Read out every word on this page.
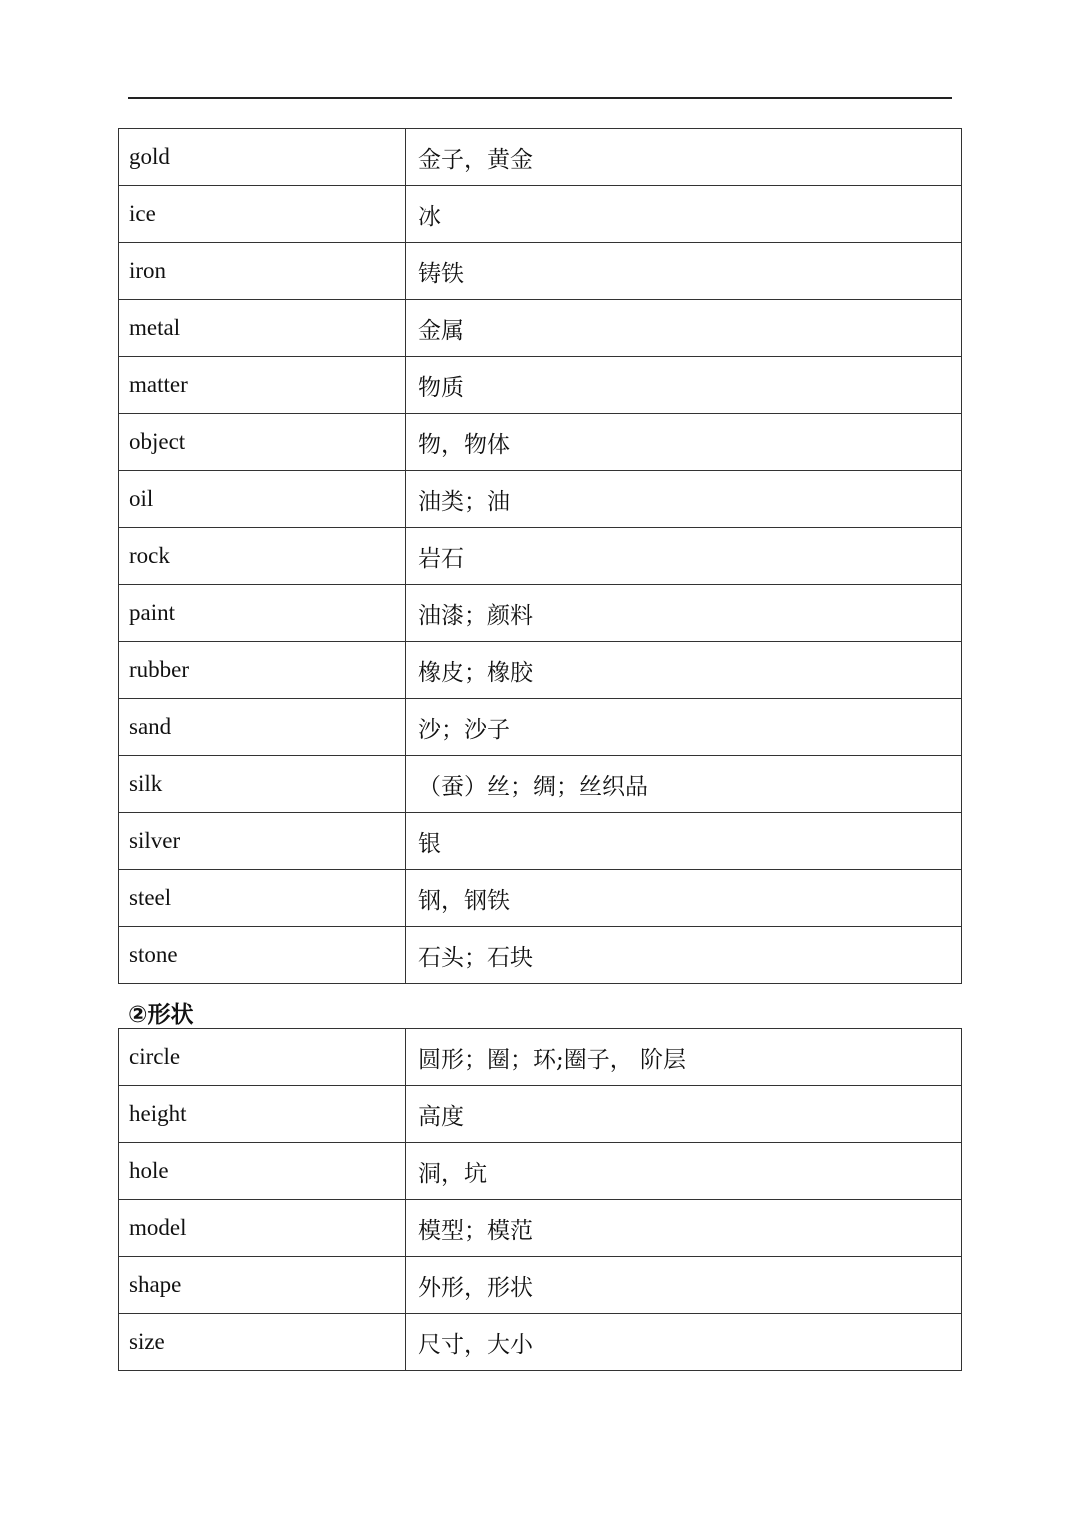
gold	金子，黄金
ice	冰
iron	铸铁
metal	金属
matter	物质
object	物，物体
oil	油类；油
rock	岩石
paint	油漆；颜料
rubber	橡皮；橡胶
sand	沙；沙子
silk	（蚕）丝；绸；丝织品
silver	银
steel	钢，钢铁
stone	石头；石块
②形状
circle	圆形；圈；环;圈子， 阶层
height	高度
hole	洞，坑
model	模型；模范
shape	外形，形状
size	尺寸，大小
